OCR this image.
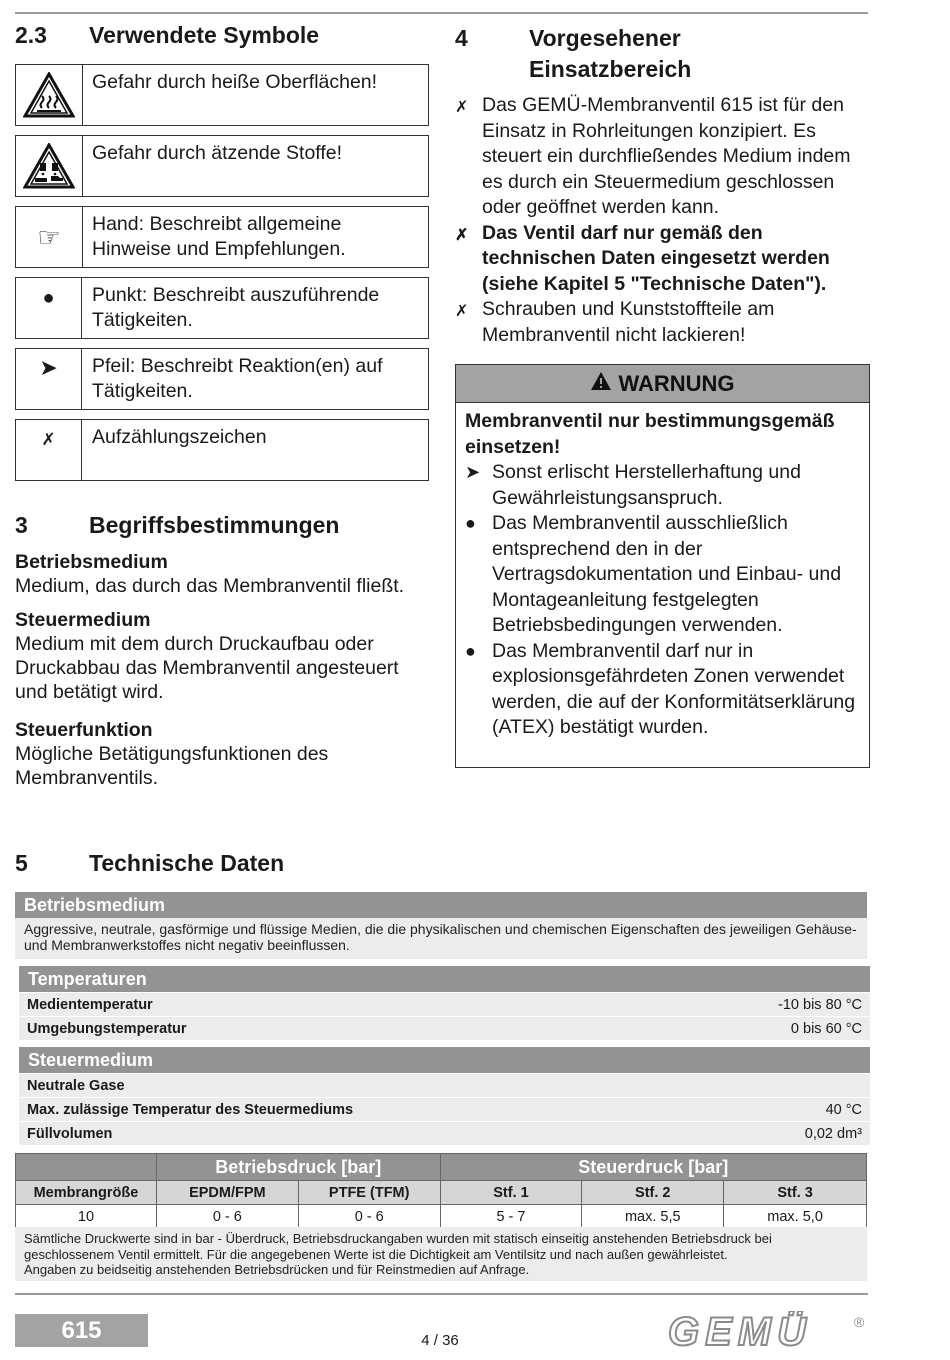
2.3 Verwendete Symbole
Gefahr durch heiße Oberflächen!
Gefahr durch ätzende Stoffe!
☞	Hand: Beschreibt allgemeine Hinweise und Empfehlungen.
●	Punkt: Beschreibt auszuführende Tätigkeiten.
➤	Pfeil: Beschreibt Reaktion(en) auf Tätigkeiten.
✗	Aufzählungszeichen
3	Begriffsbestimmungen
Betriebsmedium
Medium, das durch das Membranventil fließt.
Steuermedium
Medium mit dem durch Druckaufbau oder Druckabbau das Membranventil angesteuert und betätigt wird.
Steuerfunktion
Mögliche Betätigungsfunktionen des Membranventils.
4	Vorgesehener
Einsatzbereich
✗ Das GEMÜ-Membranventil 615 ist für den Einsatz in Rohrleitungen konzipiert. Es steuert ein durchfließendes Medium indem es durch ein Steuermedium geschlossen oder geöffnet werden kann.
✗ Das Ventil darf nur gemäß den technischen Daten eingesetzt werden (siehe Kapitel 5 "Technische Daten").
✗ Schrauben und Kunststoffteile am Membranventil nicht lackieren!
WARNUNG
Membranventil nur bestimmungsgemäß einsetzen!
➤ Sonst erlischt Herstellerhaftung und Gewährleistungsanspruch.
● Das Membranventil ausschließlich entsprechend den in der Vertragsdokumentation und Einbau- und Montageanleitung festgelegten Betriebsbedingungen verwenden.
● Das Membranventil darf nur in explosionsgefährdeten Zonen verwendet werden, die auf der Konformitätserklärung (ATEX) bestätigt wurden.
5	Technische Daten
Betriebsmedium
Aggressive, neutrale, gasförmige und flüssige Medien, die die physikalischen und chemischen Eigenschaften des jeweiligen Gehäuse- und Membranwerkstoffes nicht negativ beeinflussen.
Temperaturen
Medientemperatur	-10 bis 80 °C
Umgebungstemperatur	0 bis 60 °C
Steuermedium
Neutrale Gase
Max. zulässige Temperatur des Steuermediums	40 °C
Füllvolumen	0,02 dm³
	Betriebsdruck [bar]		Steuerdruck [bar]		
Membrangröße	EPDM/FPM	PTFE (TFM)	Stf. 1	Stf. 2	Stf. 3
10	0 - 6	0 - 6	5 - 7	max. 5,5	max. 5,0
Sämtliche Druckwerte sind in bar - Überdruck, Betriebsdruckangaben wurden mit statisch einseitig anstehenden Betriebsdruck bei geschlossenem Ventil ermittelt. Für die angegebenen Werte ist die Dichtigkeit am Ventilsitz und nach außen gewährleistet.
Angaben zu beidseitig anstehenden Betriebsdrücken und für Reinstmedien auf Anfrage.
615	4 / 36	GEMÜ	®
